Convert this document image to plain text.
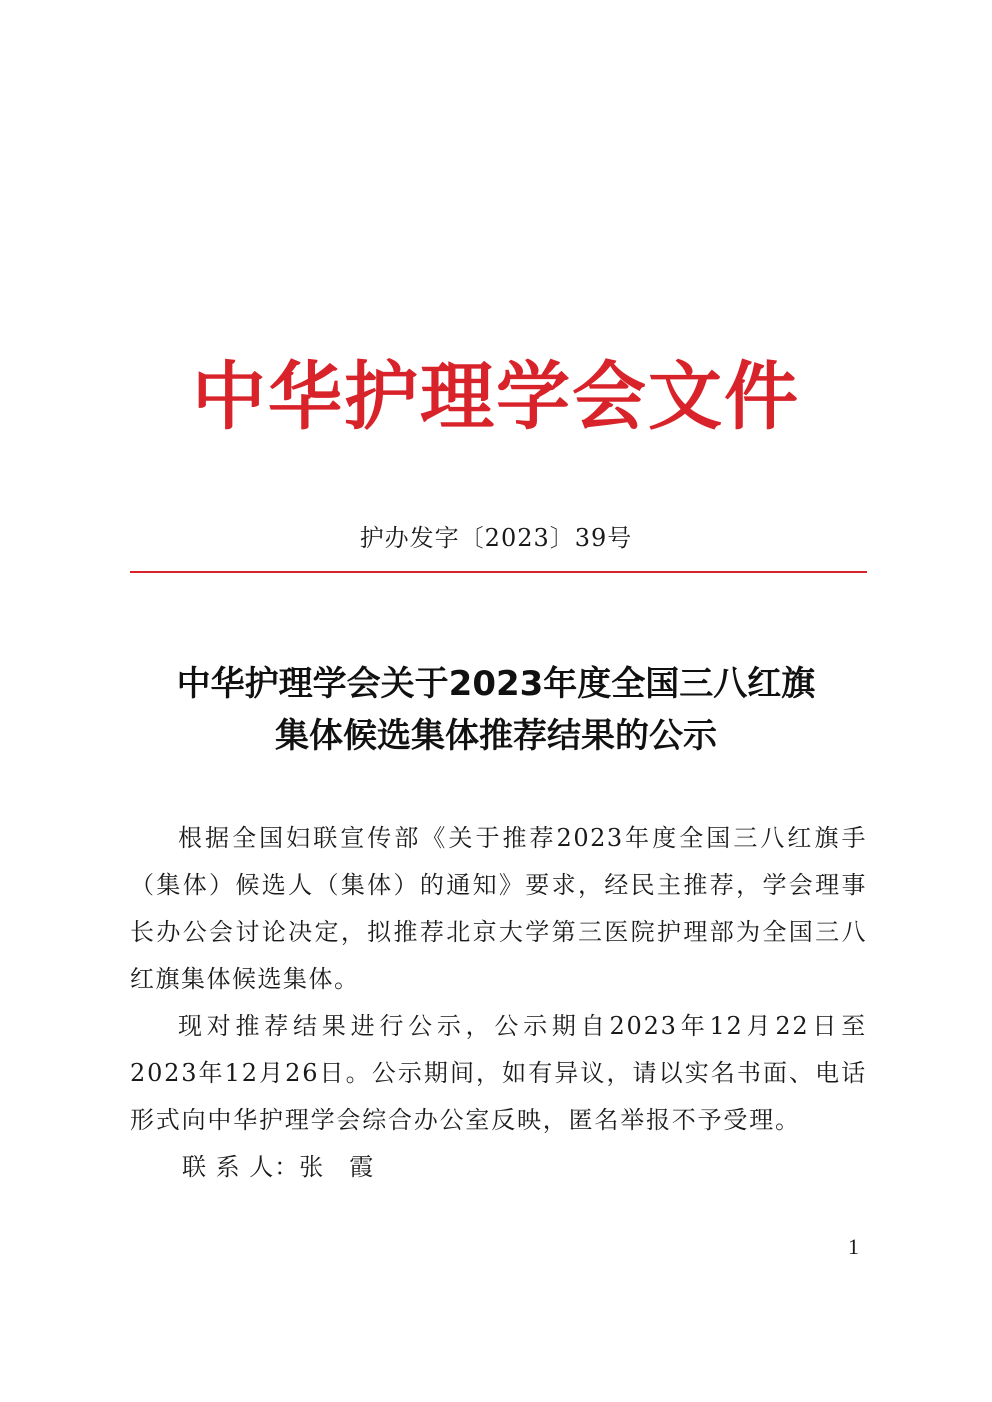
中华护理学会文件
护办发字〔2023〕39号
中华护理学会关于2023年度全国三八红旗
集体候选集体推荐结果的公示

根据全国妇联宣传部《关于推荐2023年度全国三八红旗手（集体）候选人（集体）的通知》要求，经民主推荐，学会理事长办公会讨论决定，拟推荐北京大学第三医院护理部为全国三八红旗集体候选集体。

现对推荐结果进行公示，公示期自2023年12月22日至2023年12月26日。公示期间，如有异议，请以实名书面、电话形式向中华护理学会综合办公室反映，匿名举报不予受理。

联 系 人：张　霞

1
